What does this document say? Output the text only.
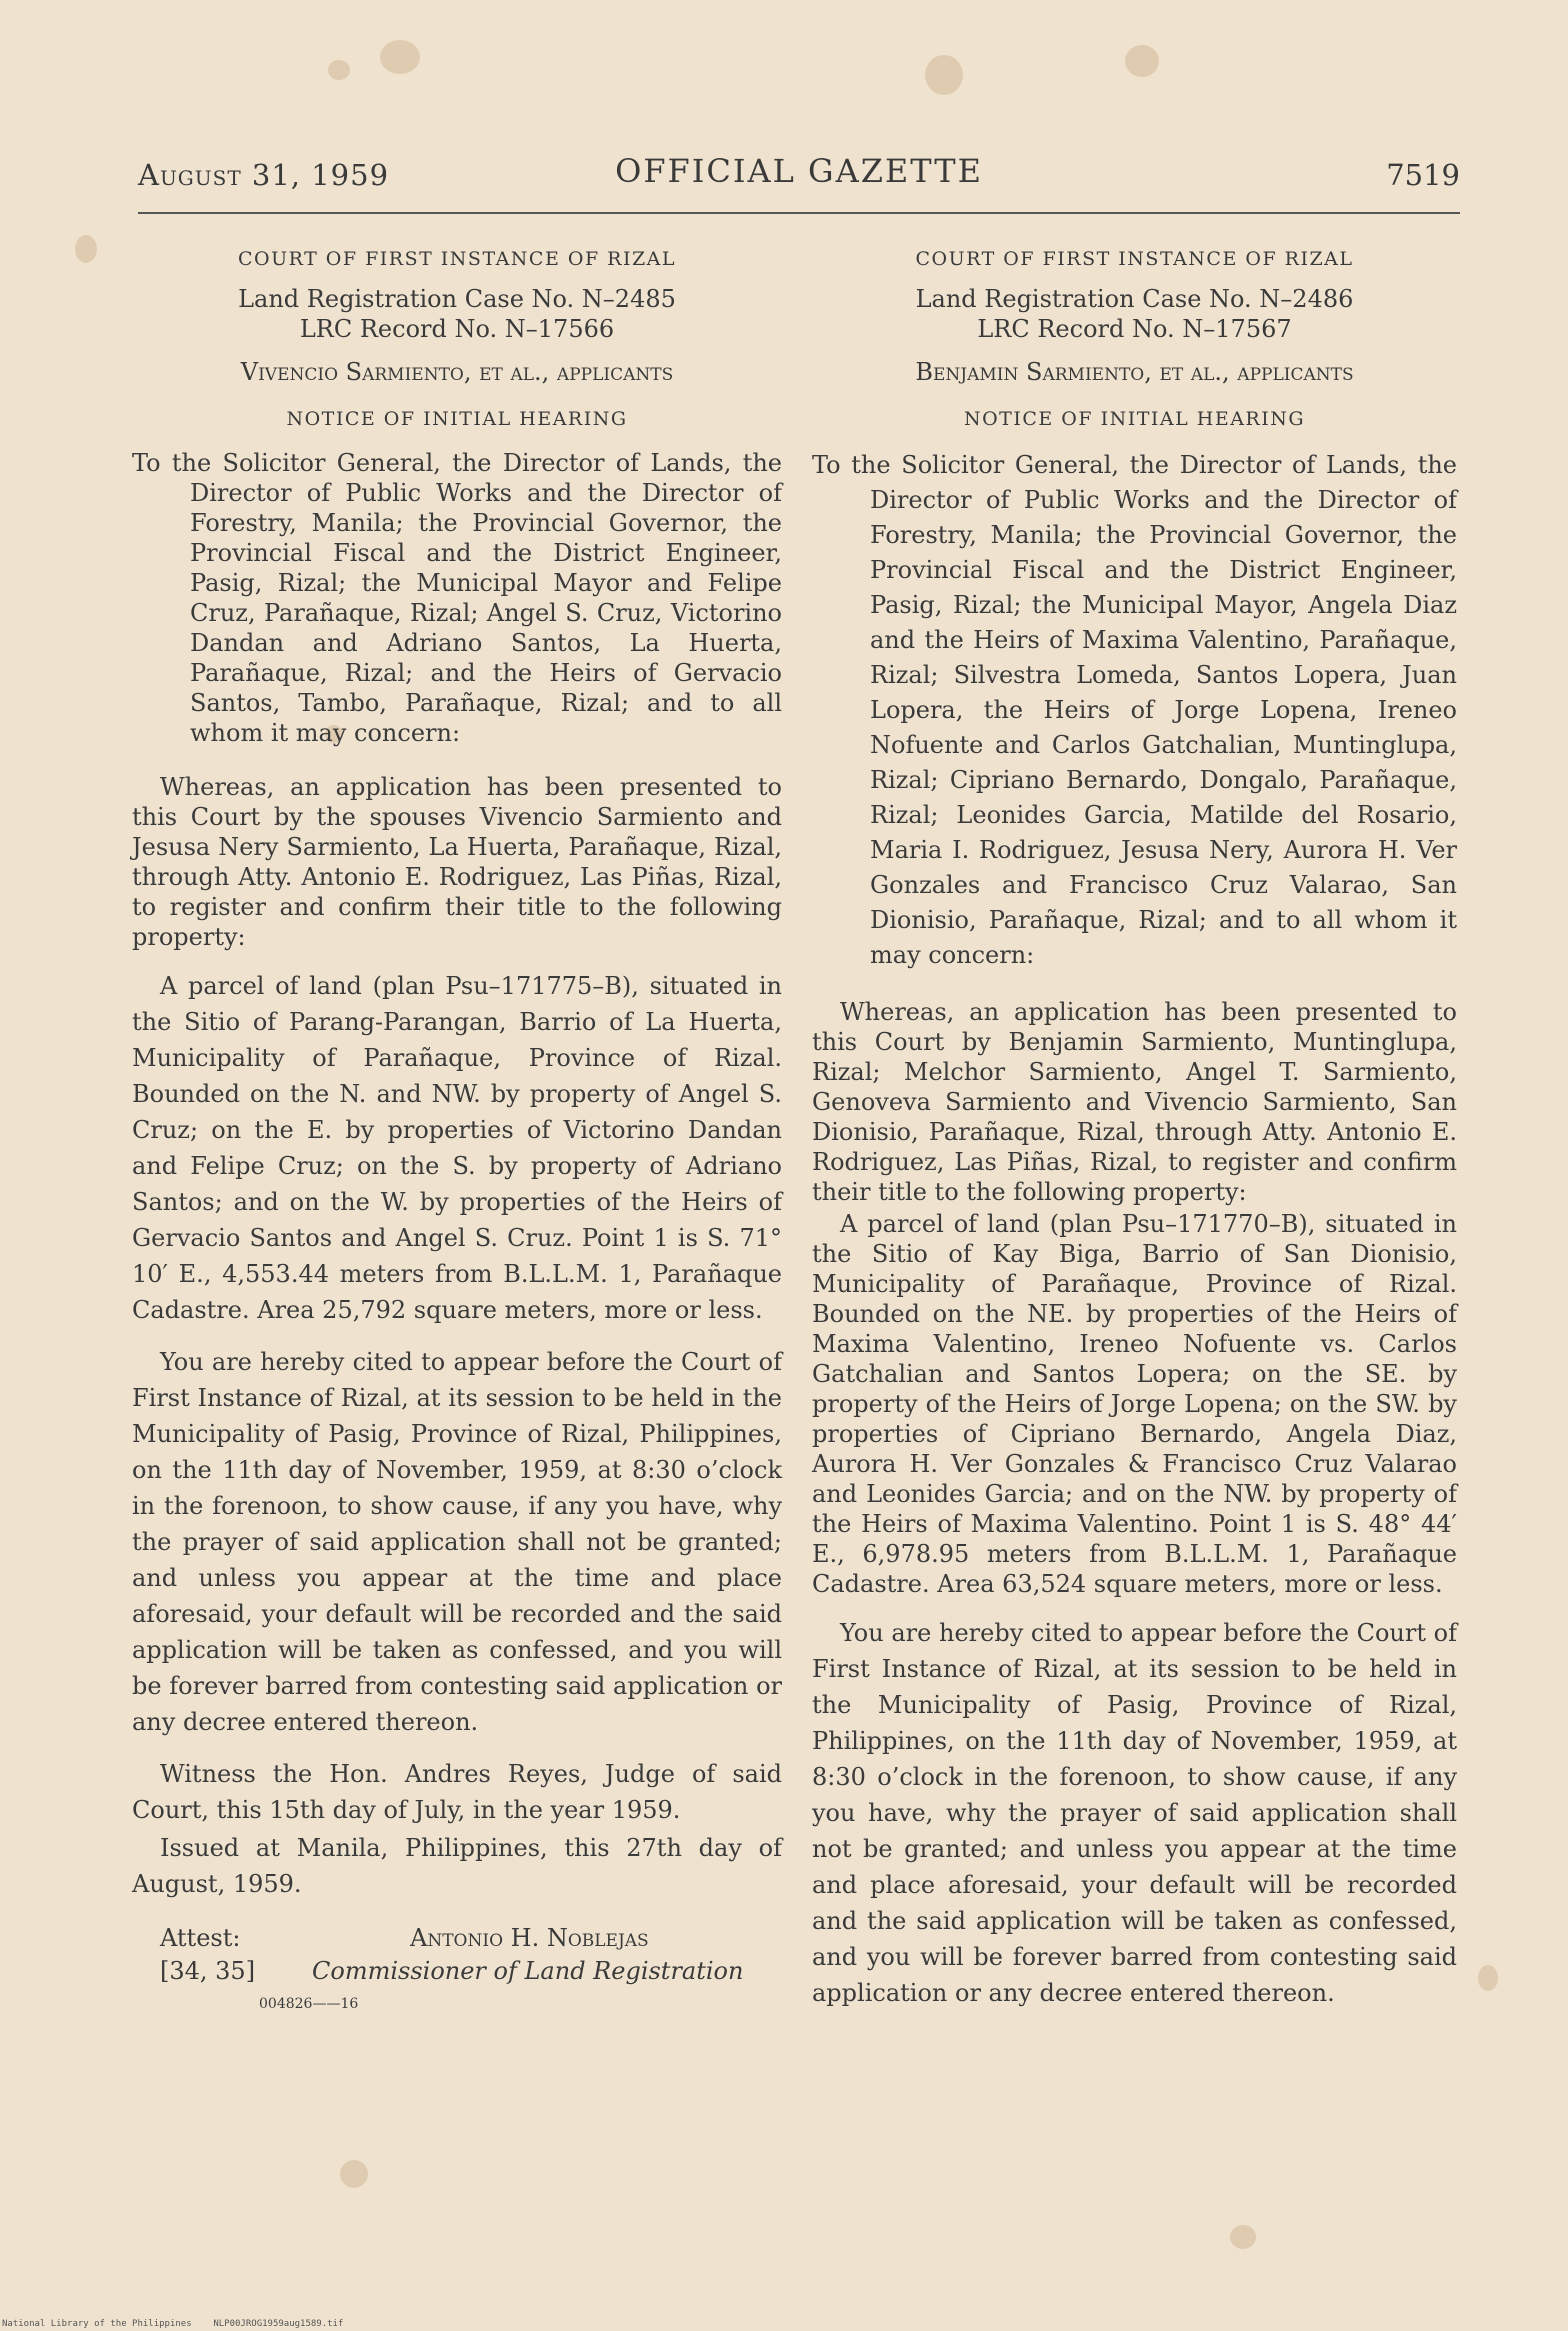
August 31, 1959	OFFICIAL GAZETTE	7519

COURT OF FIRST INSTANCE OF RIZAL

Land Registration Case No. N–2485
LRC Record No. N–17566

Vivencio Sarmiento, et al., applicants

NOTICE OF INITIAL HEARING

To the Solicitor General, the Director of Lands, the Director of Public Works and the Director of Forestry, Manila; the Provincial Governor, the Provincial Fiscal and the District Engineer, Pasig, Rizal; the Municipal Mayor and Felipe Cruz, Parañaque, Rizal; Angel S. Cruz, Victorino Dandan and Adriano Santos, La Huerta, Parañaque, Rizal; and the Heirs of Gervacio Santos, Tambo, Parañaque, Rizal; and to all whom it may concern:

Whereas, an application has been presented to this Court by the spouses Vivencio Sarmiento and Jesusa Nery Sarmiento, La Huerta, Parañaque, Rizal, through Atty. Antonio E. Rodriguez, Las Piñas, Rizal, to register and confirm their title to the following property:

A parcel of land (plan Psu–171775–B), situated in the Sitio of Parang-Parangan, Barrio of La Huerta, Municipality of Parañaque, Province of Rizal. Bounded on the N. and NW. by property of Angel S. Cruz; on the E. by properties of Victorino Dandan and Felipe Cruz; on the S. by property of Adriano Santos; and on the W. by properties of the Heirs of Gervacio Santos and Angel S. Cruz. Point 1 is S. 71° 10′ E., 4,553.44 meters from B.L.L.M. 1, Parañaque Cadastre. Area 25,792 square meters, more or less.

You are hereby cited to appear before the Court of First Instance of Rizal, at its session to be held in the Municipality of Pasig, Province of Rizal, Philippines, on the 11th day of November, 1959, at 8:30 o’clock in the forenoon, to show cause, if any you have, why the prayer of said application shall not be granted; and unless you appear at the time and place aforesaid, your default will be recorded and the said application will be taken as confessed, and you will be forever barred from contesting said application or any decree entered thereon.

Witness the Hon. Andres Reyes, Judge of said Court, this 15th day of July, in the year 1959.

Issued at Manila, Philippines, this 27th day of August, 1959.

Attest:	Antonio H. Noblejas
[34, 35] Commissioner of Land Registration
004826——16

COURT OF FIRST INSTANCE OF RIZAL

Land Registration Case No. N–2486
LRC Record No. N–17567

Benjamin Sarmiento, et al., applicants

NOTICE OF INITIAL HEARING

To the Solicitor General, the Director of Lands, the Director of Public Works and the Director of Forestry, Manila; the Provincial Governor, the Provincial Fiscal and the District Engineer, Pasig, Rizal; the Municipal Mayor, Angela Diaz and the Heirs of Maxima Valentino, Parañaque, Rizal; Silvestra Lomeda, Santos Lopera, Juan Lopera, the Heirs of Jorge Lopena, Ireneo Nofuente and Carlos Gatchalian, Muntinglupa, Rizal; Cipriano Bernardo, Dongalo, Parañaque, Rizal; Leonides Garcia, Matilde del Rosario, Maria I. Rodriguez, Jesusa Nery, Aurora H. Ver Gonzales and Francisco Cruz Valarao, San Dionisio, Parañaque, Rizal; and to all whom it may concern:

Whereas, an application has been presented to this Court by Benjamin Sarmiento, Muntinglupa, Rizal; Melchor Sarmiento, Angel T. Sarmiento, Genoveva Sarmiento and Vivencio Sarmiento, San Dionisio, Parañaque, Rizal, through Atty. Antonio E. Rodriguez, Las Piñas, Rizal, to register and confirm their title to the following property:

A parcel of land (plan Psu–171770–B), situated in the Sitio of Kay Biga, Barrio of San Dionisio, Municipality of Parañaque, Province of Rizal. Bounded on the NE. by properties of the Heirs of Maxima Valentino, Ireneo Nofuente vs. Carlos Gatchalian and Santos Lopera; on the SE. by property of the Heirs of Jorge Lopena; on the SW. by properties of Cipriano Bernardo, Angela Diaz, Aurora H. Ver Gonzales & Francisco Cruz Valarao and Leonides Garcia; and on the NW. by property of the Heirs of Maxima Valentino. Point 1 is S. 48° 44′ E., 6,978.95 meters from B.L.L.M. 1, Parañaque Cadastre. Area 63,524 square meters, more or less.

You are hereby cited to appear before the Court of First Instance of Rizal, at its session to be held in the Municipality of Pasig, Province of Rizal, Philippines, on the 11th day of November, 1959, at 8:30 o’clock in the forenoon, to show cause, if any you have, why the prayer of said application shall not be granted; and unless you appear at the time and place aforesaid, your default will be recorded and the said application will be taken as confessed, and you will be forever barred from contesting said application or any decree entered thereon.

National Library of the Philippines NLP00JROG1959aug1589.tif
